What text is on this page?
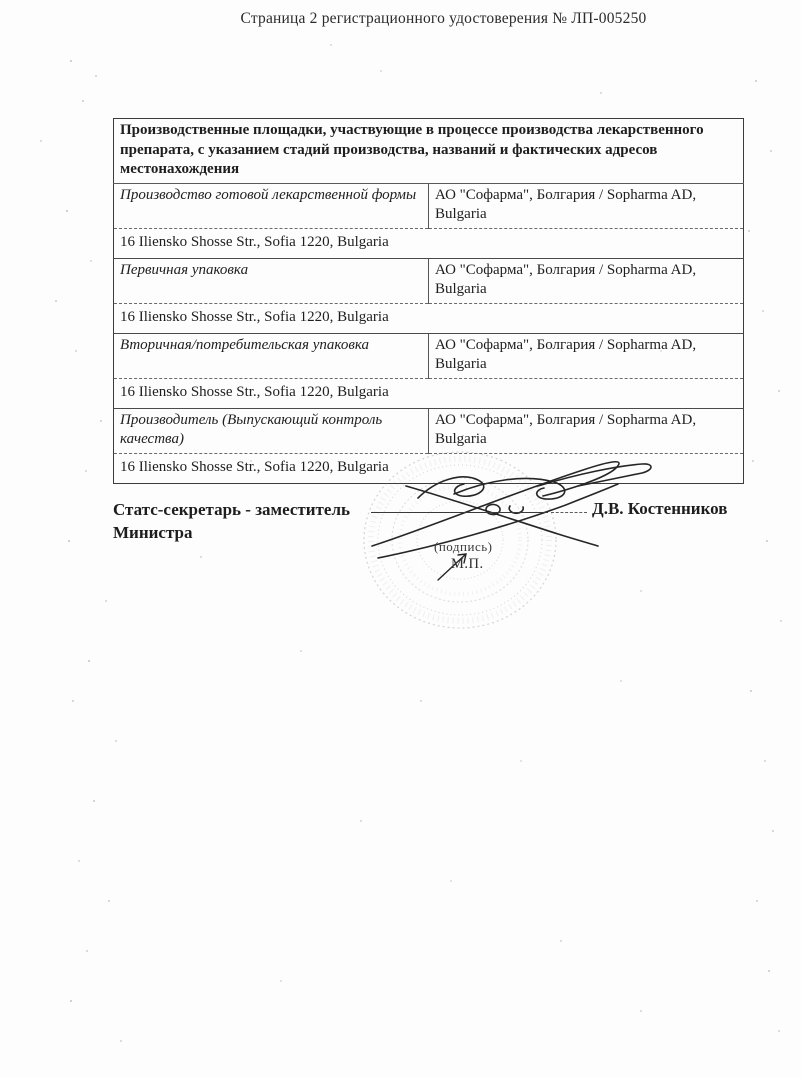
Страница 2 регистрационного удостоверения № ЛП-005250
Производственные площадки, участвующие в процессе производства лекарственного препарата, с указанием стадий производства, названий и фактических адресов местонахождения	
Производство готовой лекарственной формы	АО "Софарма", Болгария / Sopharma AD, Bulgaria
16 Iliensko Shosse Str., Sofia 1220, Bulgaria	
Первичная упаковка	АО "Софарма", Болгария / Sopharma AD, Bulgaria
16 Iliensko Shosse Str., Sofia 1220, Bulgaria	
Вторичная/потребительская упаковка	АО "Софарма", Болгария / Sopharma AD, Bulgaria
16 Iliensko Shosse Str., Sofia 1220, Bulgaria	
Производитель (Выпускающий контроль качества)	АО "Софарма", Болгария / Sopharma AD, Bulgaria
16 Iliensko Shosse Str., Sofia 1220, Bulgaria	
Статс-секретарь - заместитель Министра
Д.В. Костенников
(подпись)
М.П.
